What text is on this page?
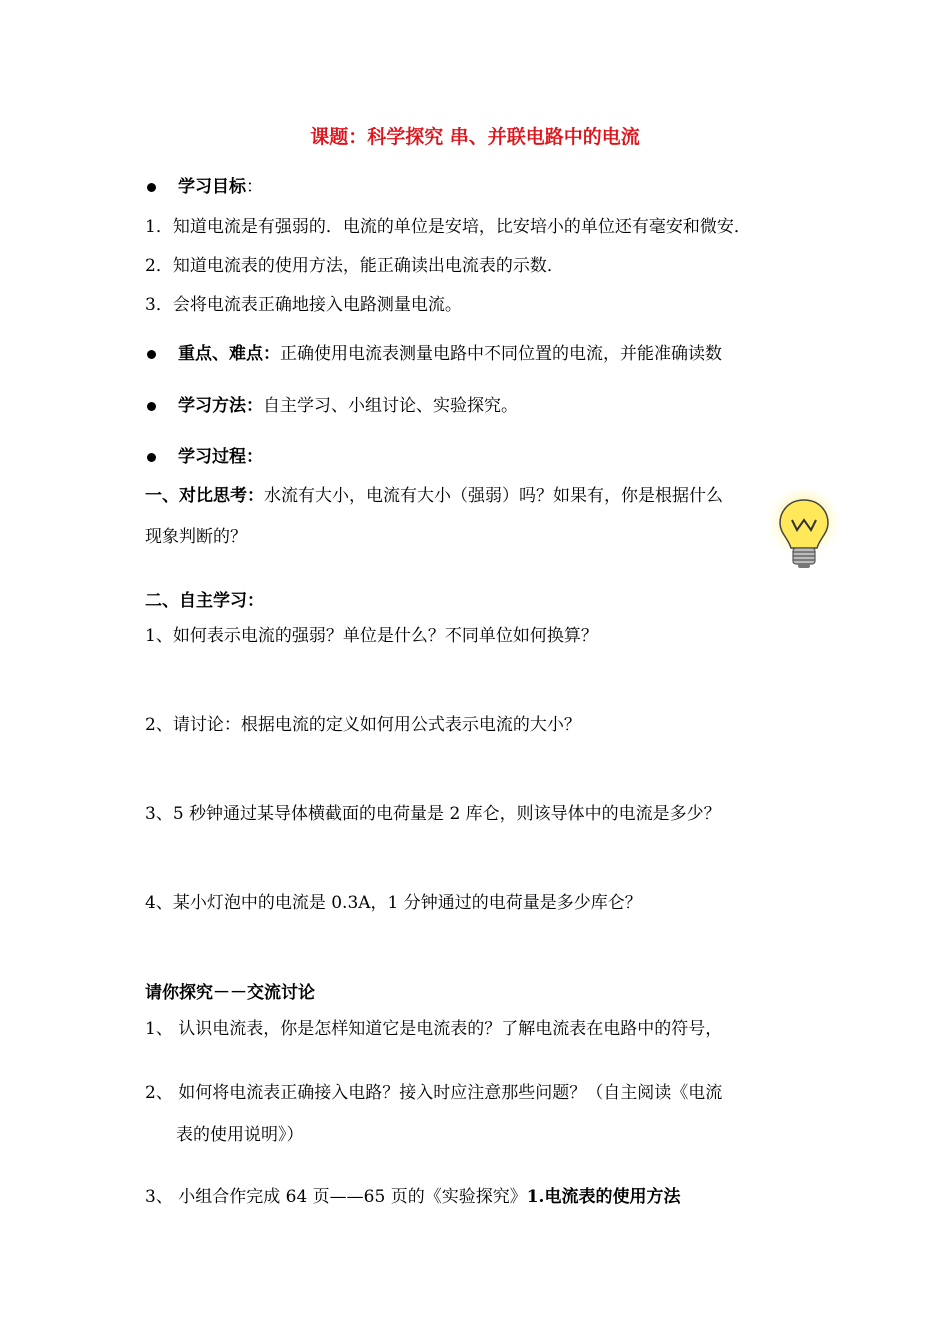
课题：科学探究 串、并联电路中的电流
学习目标：
1．知道电流是有强弱的．电流的单位是安培，比安培小的单位还有毫安和微安．
2．知道电流表的使用方法，能正确读出电流表的示数．
3．会将电流表正确地接入电路测量电流。
重点、难点：正确使用电流表测量电路中不同位置的电流，并能准确读数
学习方法：自主学习、小组讨论、实验探究。
学习过程：
一、对比思考：水流有大小，电流有大小（强弱）吗？如果有，你是根据什么
现象判断的？
二、自主学习：
1、如何表示电流的强弱？单位是什么？不同单位如何换算？
2、请讨论：根据电流的定义如何用公式表示电流的大小？
3、5 秒钟通过某导体横截面的电荷量是 2 库仑，则该导体中的电流是多少？
4、某小灯泡中的电流是 0.3A，1 分钟通过的电荷量是多少库仑？
请你探究－－交流讨论
1、 认识电流表，你是怎样知道它是电流表的？了解电流表在电路中的符号，
2、 如何将电流表正确接入电路？接入时应注意那些问题？（自主阅读《电流
表的使用说明》）
3、 小组合作完成 64 页——65 页的《实验探究》1.电流表的使用方法
